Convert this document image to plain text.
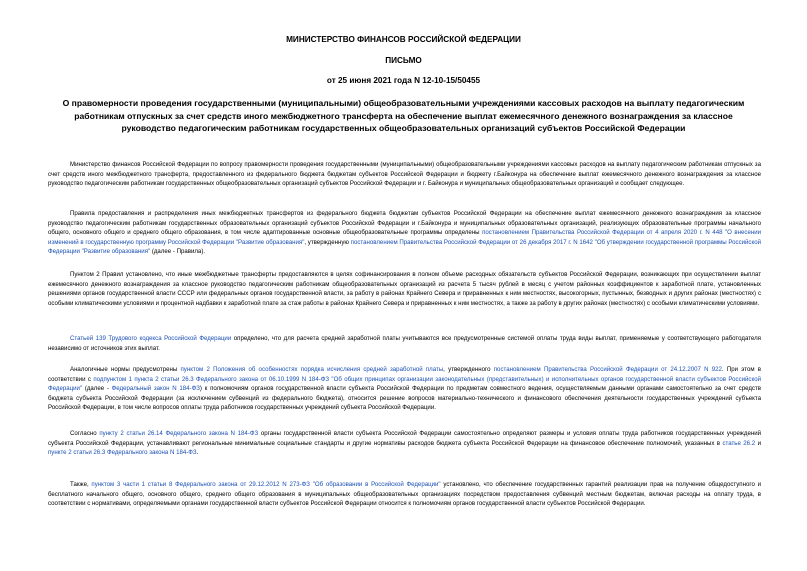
МИНИСТЕРСТВО ФИНАНСОВ РОССИЙСКОЙ ФЕДЕРАЦИИ
ПИСЬМО
от 25 июня 2021 года N 12-10-15/50455
О правомерности проведения государственными (муниципальными) общеобразовательными учреждениями кассовых расходов на выплату педагогическим работникам отпускных за счет средств иного межбюджетного трансферта на обеспечение выплат ежемесячного денежного вознаграждения за классное руководство педагогическим работникам государственных общеобразовательных организаций субъектов Российской Федерации

Министерство финансов Российской Федерации по вопросу правомерности проведения государственными (муниципальными) общеобразовательными учреждениями кассовых расходов на выплату педагогическим работникам отпускных за счет средств иного межбюджетного трансферта, предоставленного из федерального бюджета бюджетам субъектов Российской Федерации и бюджету г.Байконура на обеспечение выплат ежемесячного денежного вознаграждения за классное руководство педагогическим работникам государственных общеобразовательных организаций субъектов Российской Федерации и г. Байконура и муниципальных общеобразовательных организаций и сообщает следующее.

Правила предоставления и распределения иных межбюджетных трансфертов из федерального бюджета бюджетам субъектов Российской Федерации на обеспечение выплат ежемесячного денежного вознаграждения за классное руководство педагогическим работникам государственных образовательных организаций субъектов Российской Федерации и г.Байконура и муниципальных образовательных организаций, реализующих образовательные программы начального общего, основного общего и среднего общего образования, в том числе адаптированные основные общеобразовательные программы определены постановлением Правительства Российской Федерации от 4 апреля 2020 г. N 448 "О внесении изменений в государственную программу Российской Федерации "Развитие образования", утвержденную постановлением Правительства Российской Федерации от 26 декабря 2017 г. N 1642 "Об утверждении государственной программы Российской Федерации "Развитие образования" (далее - Правила).

Пунктом 2 Правил установлено, что иные межбюджетные трансферты предоставляются в целях софинансирования в полном объеме расходных обязательств субъектов Российской Федерации, возникающих при осуществлении выплат ежемесячного денежного вознаграждения за классное руководство педагогическим работникам общеобразовательных организаций из расчета 5 тысяч рублей в месяц с учетом районных коэффициентов к заработной плате, установленных решениями органов государственной власти СССР или федеральных органов государственной власти, за работу в районах Крайнего Севера и приравненных к ним местностях, высокогорных, пустынных, безводных и других районах (местностях) с особыми климатическими условиями и процентной надбавки к заработной плате за стаж работы в районах Крайнего Севера и приравненных к ним местностях, а также за работу в других районах (местностях) с особыми климатическими условиями.

Статьей 139 Трудового кодекса Российской Федерации определено, что для расчета средней заработной платы учитываются все предусмотренные системой оплаты труда виды выплат, применяемые у соответствующего работодателя независимо от источников этих выплат.

Аналогичные нормы предусмотрены пунктом 2 Положения об особенностях порядка исчисления средней заработной платы, утвержденного постановлением Правительства Российской Федерации от 24.12.2007 N 922. При этом в соответствии с подпунктом 1 пункта 2 статьи 26.3 Федерального закона от 06.10.1999 N 184-ФЗ "Об общих принципах организации законодательных (представительных) и исполнительных органов государственной власти субъектов Российской Федерации" (далее - Федеральный закон N 184-ФЗ) к полномочиям органов государственной власти субъекта Российской Федерации по предметам совместного ведения, осуществляемым данными органами самостоятельно за счет средств бюджета субъекта Российской Федерации (за исключением субвенций из федерального бюджета), относится решение вопросов материально-технического и финансового обеспечения деятельности государственных учреждений субъекта Российской Федерации, в том числе вопросов оплаты труда работников государственных учреждений субъекта Российской Федерации.

Согласно пункту 2 статьи 26.14 Федерального закона N 184-ФЗ органы государственной власти субъекта Российской Федерации самостоятельно определяют размеры и условия оплаты труда работников государственных учреждений субъекта Российской Федерации, устанавливают региональные минимальные социальные стандарты и другие нормативы расходов бюджета субъекта Российской Федерации на финансовое обеспечение полномочий, указанных в статье 26.2 и пункте 2 статьи 26.3 Федерального закона N 184-ФЗ.

Также, пунктом 3 части 1 статьи 8 Федерального закона от 29.12.2012 N 273-ФЗ "Об образовании в Российской Федерации" установлено, что обеспечение государственных гарантий реализации прав на получение общедоступного и бесплатного начального общего, основного общего, среднего общего образования в муниципальных общеобразовательных организациях посредством предоставления субвенций местным бюджетам, включая расходы на оплату труда, в соответствии с нормативами, определяемыми органами государственной власти субъектов Российской Федерации относится к полномочиям органов государственной власти субъектов Российской Федерации.
